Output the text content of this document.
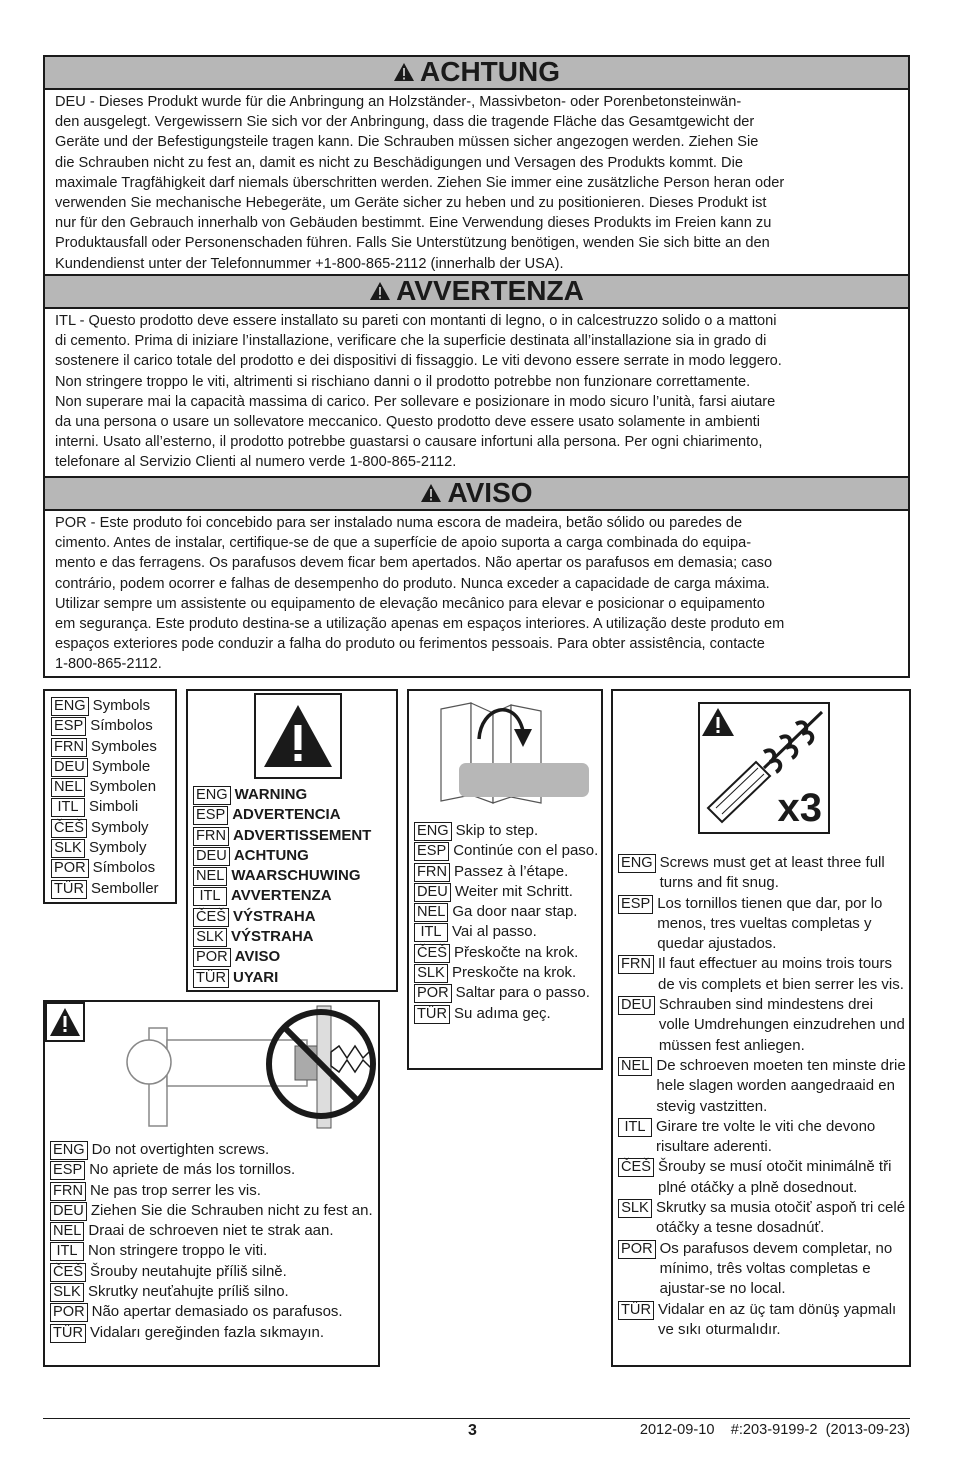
ACHTUNG
DEU - Dieses Produkt wurde für die Anbringung an Holzständer-, Massivbeton- oder Porenbetonsteinwän-
den ausgelegt. Vergewissern Sie sich vor der Anbringung, dass die tragende Fläche das Gesamtgewicht der
Geräte und der Befestigungsteile tragen kann. Die Schrauben müssen sicher angezogen werden. Ziehen Sie
die Schrauben nicht zu fest an, damit es nicht zu Beschädigungen und Versagen des Produkts kommt. Die
maximale Tragfähigkeit darf niemals überschritten werden. Ziehen Sie immer eine zusätzliche Person heran oder
verwenden Sie mechanische Hebegeräte, um Geräte sicher zu heben und zu positionieren. Dieses Produkt ist
nur für den Gebrauch innerhalb von Gebäuden bestimmt. Eine Verwendung dieses Produkts im Freien kann zu
Produktausfall oder Personenschaden führen. Falls Sie Unterstützung benötigen, wenden Sie sich bitte an den
Kundendienst unter der Telefonnummer +1-800-865-2112 (innerhalb der USA).
AVVERTENZA
ITL - Questo prodotto deve essere installato su pareti con montanti di legno, o in calcestruzzo solido o a mattoni
di cemento. Prima di iniziare l’installazione, verificare che la superficie destinata all’installazione sia in grado di
sostenere il carico totale del prodotto e dei dispositivi di fissaggio. Le viti devono essere serrate in modo leggero.
Non stringere troppo le viti, altrimenti si rischiano danni o il prodotto potrebbe non funzionare correttamente.
Non superare mai la capacità massima di carico. Per sollevare e posizionare in modo sicuro l’unità, farsi aiutare
da una persona o usare un sollevatore meccanico. Questo prodotto deve essere usato solamente in ambienti
interni. Usato all’esterno, il prodotto potrebbe guastarsi o causare infortuni alla persona. Per ogni chiarimento,
telefonare al Servizio Clienti al numero verde 1-800-865-2112.
AVISO
POR - Este produto foi concebido para ser instalado numa escora de madeira, betão sólido ou paredes de
cimento. Antes de instalar, certifique-se de que a superfície de apoio suporta a carga combinada do equipa-
mento e das ferragens. Os parafusos devem ficar bem apertados. Não apertar os parafusos em demasia; caso
contrário, podem ocorrer e falhas de desempenho do produto. Nunca exceder a capacidade de carga máxima.
Utilizar sempre um assistente ou equipamento de elevação mecânico para elevar e posicionar o equipamento
em segurança. Este produto destina-se a utilização apenas em espaços interiores. A utilização deste produto em
espaços exteriores pode conduzir a falha do produto ou ferimentos pessoais. Para obter assistência, contacte
1-800-865-2112.
ENG Symbols
ESP Símbolos
FRN Symboles
DEU Symbole
NEL Symbolen
ITL Simboli
ČEŠ Symboly
SLK Symboly
POR Símbolos
TÜR Semboller
ENG WARNING
ESP ADVERTENCIA
FRN ADVERTISSEMENT
DEU ACHTUNG
NEL WAARSCHUWING
ITL AVVERTENZA
ČEŠ VÝSTRAHA
SLK VÝSTRAHA
POR AVISO
TÜR UYARI
ENG Skip to step.
ESP Continúe con el paso.
FRN Passez à l’étape.
DEU Weiter mit Schritt.
NEL Ga door naar stap.
ITL Vai al passo.
ČEŠ Přeskočte na krok.
SLK Preskočte na krok.
POR Saltar para o passo.
TÜR Su adıma geç.
ENG Do not overtighten screws.
ESP No apriete de más los tornillos.
FRN Ne pas trop serrer les vis.
DEU Ziehen Sie die Schrauben nicht zu fest an.
NEL Draai de schroeven niet te strak aan.
ITL Non stringere troppo le viti.
ČEŠ Šrouby neutahujte příliš silně.
SLK Skrutky neuťahujte príliš silno.
POR Não apertar demasiado os parafusos.
TÜR Vidaları gereğinden fazla sıkmayın.
x3
ENG Screws must get at least three full turns and fit snug.
ESP Los tornillos tienen que dar, por lo menos, tres vueltas completas y quedar ajustados.
FRN Il faut effectuer au moins trois tours de vis complets et bien serrer les vis.
DEU Schrauben sind mindestens drei volle Umdrehungen einzudrehen und müssen fest anliegen.
NEL De schroeven moeten ten minste drie hele slagen worden aangedraaid en stevig vastzitten.
ITL Girare tre volte le viti che devono risultare aderenti.
ČEŠ Šrouby se musí otočit minimálně tři plné otáčky a plně dosednout.
SLK Skrutky sa musia otočiť aspoň tri celé otáčky a tesne dosadnúť.
POR Os parafusos devem completar, no mínimo, três voltas completas e ajustar-se no local.
TÜR Vidalar en az üç tam dönüş yapmalı ve sıkı oturmalıdır.
3	2012-09-10    #:203-9199-2  (2013-09-23)
